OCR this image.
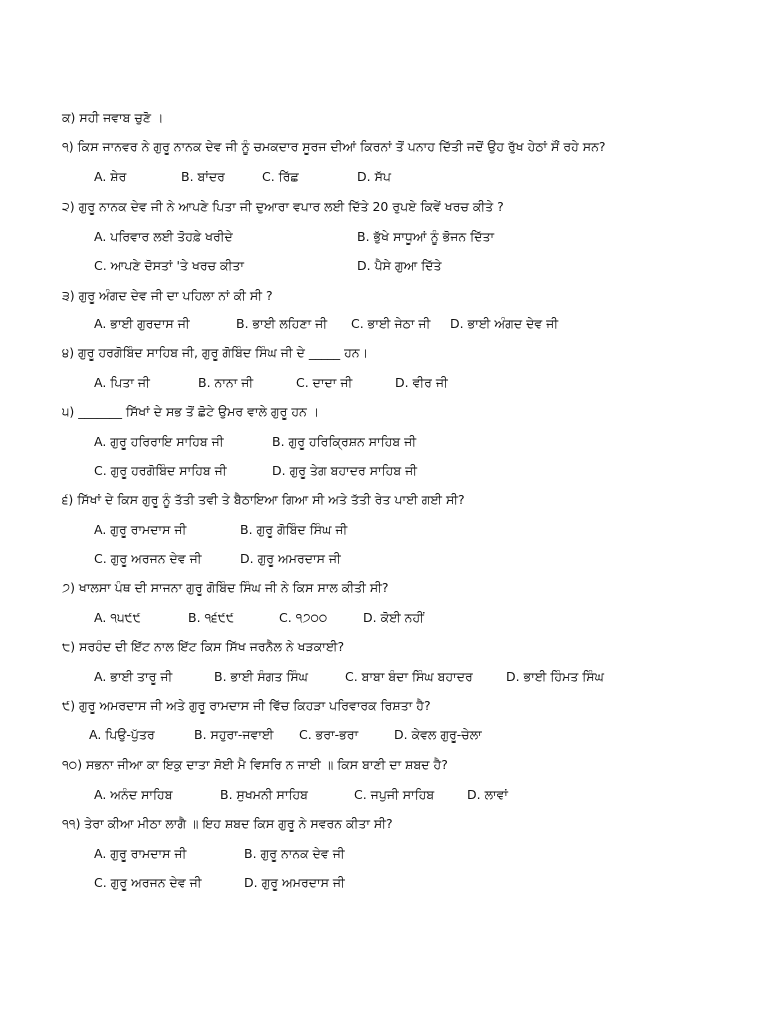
ਕ) ਸਹੀ ਜਵਾਬ ਚੁਣੋ ।
੧) ਕਿਸ ਜਾਨਵਰ ਨੇ ਗੁਰੂ ਨਾਨਕ ਦੇਵ ਜੀ ਨੂੰ ਚਮਕਦਾਰ ਸੂਰਜ ਦੀਆਂ ਕਿਰਨਾਂ ਤੋਂ ਪਨਾਹ ਦਿੱਤੀ ਜਦੋਂ ਉਹ ਰੁੱਖ ਹੇਠਾਂ ਸੌਂ ਰਹੇ ਸਨ?
A. ਸ਼ੇਰ	B. ਬਾਂਦਰ	C. ਰਿੱਛ	D. ਸੱਪ
੨) ਗੁਰੂ ਨਾਨਕ ਦੇਵ ਜੀ ਨੇ ਆਪਣੇ ਪਿਤਾ ਜੀ ਦੁਆਰਾ ਵਪਾਰ ਲਈ ਦਿੱਤੇ 20 ਰੁਪਏ ਕਿਵੇਂ ਖਰਚ ਕੀਤੇ ?
A. ਪਰਿਵਾਰ ਲਈ ਤੋਹਫ਼ੇ ਖਰੀਦੇ	B. ਭੁੱਖੇ ਸਾਧੂਆਂ ਨੂੰ ਭੋਜਨ ਦਿੱਤਾ
C. ਆਪਣੇ ਦੋਸਤਾਂ 'ਤੇ ਖਰਚ ਕੀਤਾ	D. ਪੈਸੇ ਗੁਆ ਦਿੱਤੇ
੩) ਗੁਰੂ ਅੰਗਦ ਦੇਵ ਜੀ ਦਾ ਪਹਿਲਾ ਨਾਂ ਕੀ ਸੀ ?
A. ਭਾਈ ਗੁਰਦਾਸ ਜੀ	B. ਭਾਈ ਲਹਿਣਾ ਜੀ C. ਭਾਈ ਜੇਠਾ ਜੀ D. ਭਾਈ ਅੰਗਦ ਦੇਵ ਜੀ
੪) ਗੁਰੂ ਹਰਗੋਬਿੰਦ ਸਾਹਿਬ ਜੀ, ਗੁਰੂ ਗੋਬਿੰਦ ਸਿੰਘ ਜੀ ਦੇ _____ ਹਨ।
A. ਪਿਤਾ ਜੀ	B. ਨਾਨਾ ਜੀ	C. ਦਾਦਾ ਜੀ	D. ਵੀਰ ਜੀ
੫) _______ ਸਿੱਖਾਂ ਦੇ ਸਭ ਤੋਂ ਛੋਟੇ ਉਮਰ ਵਾਲੇ ਗੁਰੂ ਹਨ ।
A. ਗੁਰੂ ਹਰਿਰਾਇ ਸਾਹਿਬ ਜੀ	B. ਗੁਰੂ ਹਰਿਕ੍ਰਿਸ਼ਨ ਸਾਹਿਬ ਜੀ
C. ਗੁਰੂ ਹਰਗੋਬਿੰਦ ਸਾਹਿਬ ਜੀ	D. ਗੁਰੂ ਤੇਗ ਬਹਾਦਰ ਸਾਹਿਬ ਜੀ
੬) ਸਿੱਖਾਂ ਦੇ ਕਿਸ ਗੁਰੂ ਨੂੰ ਤੱਤੀ ਤਵੀ ਤੇ ਬੈਠਾਇਆ ਗਿਆ ਸੀ ਅਤੇ ਤੱਤੀ ਰੇਤ ਪਾਈ ਗਈ ਸੀ?
A. ਗੁਰੂ ਰਾਮਦਾਸ ਜੀ	B. ਗੁਰੂ ਗੋਬਿੰਦ ਸਿੰਘ ਜੀ
C. ਗੁਰੂ ਅਰਜਨ ਦੇਵ ਜੀ	D. ਗੁਰੂ ਅਮਰਦਾਸ ਜੀ
੭) ਖਾਲਸਾ ਪੰਥ ਦੀ ਸਾਜਨਾ ਗੁਰੂ ਗੋਬਿੰਦ ਸਿੰਘ ਜੀ ਨੇ ਕਿਸ ਸਾਲ ਕੀਤੀ ਸੀ?
A. ੧੫੯੯	B. ੧੬੯੯	C. ੧੭੦੦	D. ਕੋਈ ਨਹੀਂ
੮) ਸਰਹੰਦ ਦੀ ਇੱਟ ਨਾਲ ਇੱਟ ਕਿਸ ਸਿੱਖ ਜਰਨੈਲ ਨੇ ਖੜਕਾਈ?
A. ਭਾਈ ਤਾਰੂ ਜੀ	B. ਭਾਈ ਸੰਗਤ ਸਿੰਘ	C. ਬਾਬਾ ਬੰਦਾ ਸਿੰਘ ਬਹਾਦਰ	D. ਭਾਈ ਹਿੰਮਤ ਸਿੰਘ
੯) ਗੁਰੂ ਅਮਰਦਾਸ ਜੀ ਅਤੇ ਗੁਰੂ ਰਾਮਦਾਸ ਜੀ ਵਿੱਚ ਕਿਹੜਾ ਪਰਿਵਾਰਕ ਰਿਸ਼ਤਾ ਹੈ?
A. ਪਿਉ-ਪੁੱਤਰ	B. ਸਹੁਰਾ-ਜਵਾਈ C. ਭਰਾ-ਭਰਾ	D. ਕੇਵਲ ਗੁਰੂ-ਚੇਲਾ
੧੦) ਸਭਨਾ ਜੀਆ ਕਾ ਇਕੁ ਦਾਤਾ ਸੋਈ ਮੈ ਵਿਸਰਿ ਨ ਜਾਈ ॥ ਕਿਸ ਬਾਣੀ ਦਾ ਸ਼ਬਦ ਹੈ?
A. ਅਨੰਦ ਸਾਹਿਬ	B. ਸੁਖਮਨੀ ਸਾਹਿਬ	C. ਜਪੁਜੀ ਸਾਹਿਬ	D. ਲਾਵਾਂ
੧੧) ਤੇਰਾ ਕੀਆ ਮੀਠਾ ਲਾਗੈ ॥ ਇਹ ਸ਼ਬਦ ਕਿਸ ਗੁਰੂ ਨੇ ਸਵਰਨ ਕੀਤਾ ਸੀ?
A. ਗੁਰੂ ਰਾਮਦਾਸ ਜੀ	B. ਗੁਰੂ ਨਾਨਕ ਦੇਵ ਜੀ
C. ਗੁਰੂ ਅਰਜਨ ਦੇਵ ਜੀ	D. ਗੁਰੂ ਅਮਰਦਾਸ ਜੀ
